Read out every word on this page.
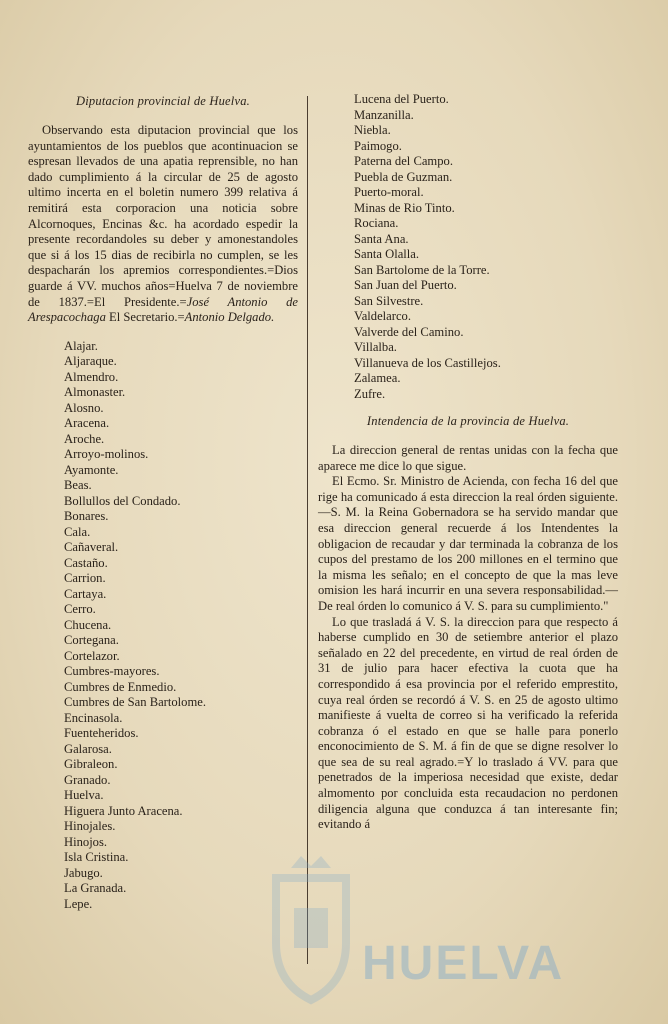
Diputacion provincial de Huelva.

Observando esta diputacion provincial que los ayuntamientos de los pueblos que acontinuacion se espresan llevados de una apatia reprensible, no han dado cumplimiento á la circular de 25 de agosto ultimo incerta en el boletin numero 399 relativa á remitirá esta corporacion una noticia sobre Alcornoques, Encinas &c. ha acordado espedir la presente recordandoles su deber y amonestandoles que si á los 15 dias de recibirla no cumplen, se les despacharán los apremios correspondientes.=Dios guarde á VV. muchos años=Huelva 7 de noviembre de 1837.=El Presidente.=José Antonio de Arespacochaga El Secretario.=Antonio Delgado.

Alajar.
Aljaraque.
Almendro.
Almonaster.
Alosno.
Aracena.
Aroche.
Arroyo-molinos.
Ayamonte.
Beas.
Bollullos del Condado.
Bonares.
Cala.
Cañaveral.
Castaño.
Carrion.
Cartaya.
Cerro.
Chucena.
Cortegana.
Cortelazor.
Cumbres-mayores.
Cumbres de Enmedio.
Cumbres de San Bartolome.
Encinasola.
Fuenteheridos.
Galarosa.
Gibraleon.
Granado.
Huelva.
Higuera Junto Aracena.
Hinojales.
Hinojos.
Isla Cristina.
Jabugo.
La Granada.
Lepe.
Lucena del Puerto.
Manzanilla.
Niebla.
Paimogo.
Paterna del Campo.
Puebla de Guzman.
Puerto-moral.
Minas de Rio Tinto.
Rociana.
Santa Ana.
Santa Olalla.
San Bartolome de la Torre.
San Juan del Puerto.
San Silvestre.
Valdelarco.
Valverde del Camino.
Villalba.
Villanueva de los Castillejos.
Zalamea.
Zufre.
Intendencia de la provincia de Huelva.

La direccion general de rentas unidas con la fecha que aparece me dice lo que sigue.

El Ecmo. Sr. Ministro de Acienda, con fecha 16 del que rige ha comunicado á esta direccion la real órden siguiente.—S. M. la Reina Gobernadora se ha servido mandar que esa direccion general recuerde á los Intendentes la obligacion de recaudar y dar terminada la cobranza de los cupos del prestamo de los 200 millones en el termino que la misma les señalo; en el concepto de que la mas leve omision les hará incurrir en una severa responsabilidad.—De real órden lo comunico á V. S. para su cumplimiento."

Lo que trasladá á V. S. la direccion para que respecto á haberse cumplido en 30 de setiembre anterior el plazo señalado en 22 del precedente, en virtud de real órden de 31 de julio para hacer efectiva la cuota que ha correspondido á esa provincia por el referido emprestito, cuya real órden se recordó á V. S. en 25 de agosto ultimo manifieste á vuelta de correo si ha verificado la referida cobranza ó el estado en que se halle para ponerlo enconocimiento de S. M. á fin de que se digne resolver lo que sea de su real agrado.=Y lo traslado á VV. para que penetrados de la imperiosa necesidad que existe, dedar almomento por concluida esta recaudacion no perdonen diligencia alguna que conduzca á tan interesante fin; evitando á

HUELVA
